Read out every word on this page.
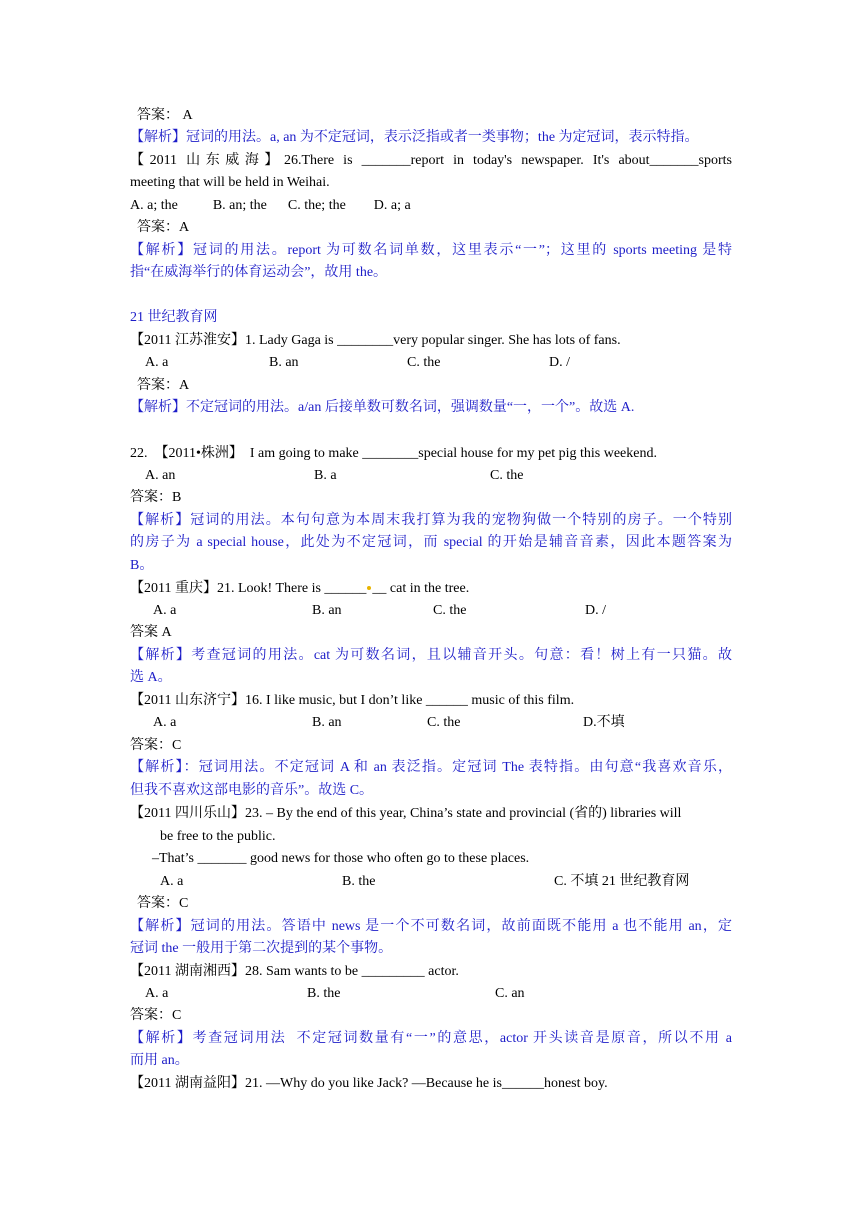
答案： A
【解析】冠词的用法。a, an 为不定冠词，表示泛指或者一类事物；the 为定冠词，表示特指。
【2011 山东威海】26.There is _______report in today's newspaper. It's about_______sports
meeting that will be held in Weihai.
A. a; the          B. an; the      C. the; the        D. a; a
答案：A
【解析】冠词的用法。report 为可数名词单数，这里表示“一”；这里的 sports meeting 是特
指“在威海举行的体育运动会”，故用 the。
21 世纪教育网
【2011 江苏淮安】1. Lady Gaga is ________very popular singer. She has lots of fans.
A. a	B. an	C. the	D. /
答案：A
【解析】不定冠词的用法。a/an 后接单数可数名词，强调数量“一，一个”。故选 A.
22.  【2011•株洲】  I am going to make ________special house for my pet pig this weekend.
A. an	B. a	C. the
答案：B
【解析】冠词的用法。本句句意为本周末我打算为我的宠物狗做一个特别的房子。一个特别
的房子为 a special house，此处为不定冠词，而 special 的开始是辅音音素，因此本题答案为
B。
【2011 重庆】21. Look! There is ______ __ cat in the tree.
A. a	B. an	C. the	D. /
答案 A
【解析】考查冠词的用法。cat 为可数名词，且以辅音开头。句意：看！树上有一只猫。故
选 A。
【2011 山东济宁】16. I like music, but I don’t like ______ music of this film.
A. a	B. an	C. the	D.不填
答案：C
【解析】：冠词用法。不定冠词 A 和 an 表泛指。定冠词 The 表特指。由句意“我喜欢音乐，
但我不喜欢这部电影的音乐”。故选 C。
【2011 四川乐山】23. – By the end of this year, China’s state and provincial (省的) libraries will
be free to the public.
–That’s _______ good news for those who often go to these places.
A. a	B. the	C. 不填 21 世纪教育网
答案：C
【解析】冠词的用法。答语中 news 是一个不可数名词，故前面既不能用 a 也不能用 an，定
冠词 the 一般用于第二次提到的某个事物。
【2011 湖南湘西】28. Sam wants to be _________ actor.
A. a	B. the	C. an
答案：C
【解析】考查冠词用法  不定冠词数量有“一”的意思，actor 开头读音是原音，所以不用 a
而用 an。
【2011 湖南益阳】21. —Why do you like Jack? —Because he is______honest boy.
